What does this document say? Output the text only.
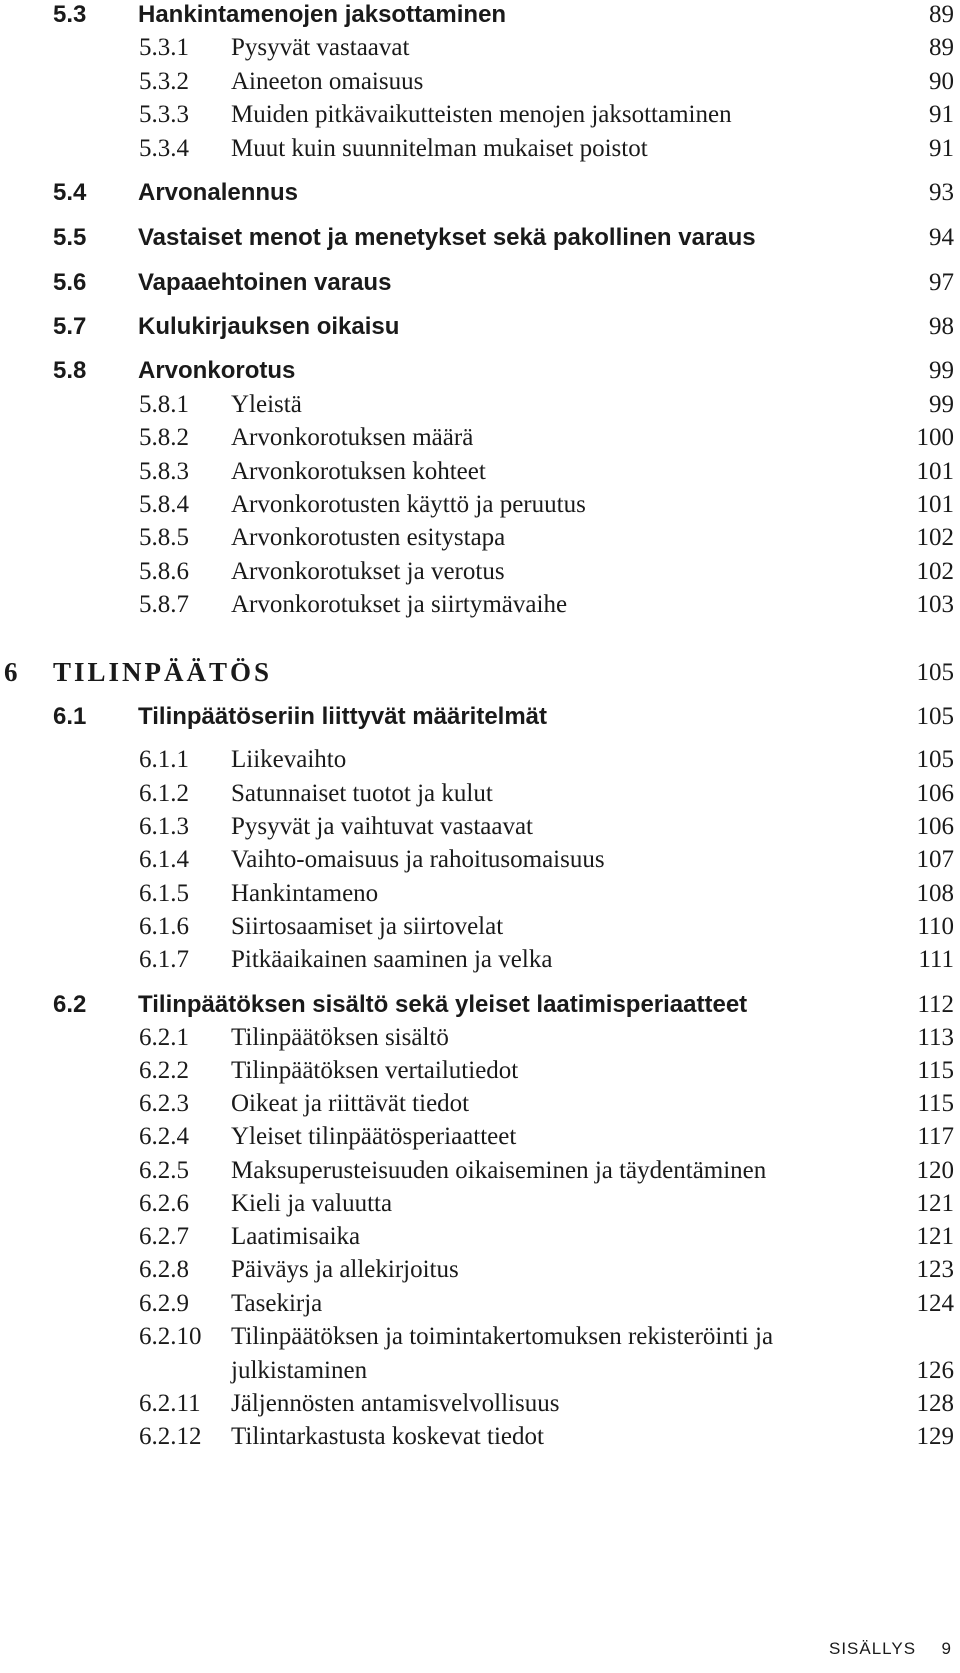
5.3 Hankintamenojen jaksottaminen	89
5.3.1 Pysyvät vastaavat	89
5.3.2 Aineeton omaisuus	90
5.3.3 Muiden pitkävaikutteisten menojen jaksottaminen	91
5.3.4 Muut kuin suunnitelman mukaiset poistot	91
5.4 Arvonalennus	93
5.5 Vastaiset menot ja menetykset sekä pakollinen varaus	94
5.6 Vapaaehtoinen varaus	97
5.7 Kulukirjauksen oikaisu	98
5.8 Arvonkorotus	99
5.8.1 Yleistä	99
5.8.2 Arvonkorotuksen määrä	100
5.8.3 Arvonkorotuksen kohteet	101
5.8.4 Arvonkorotusten käyttö ja peruutus	101
5.8.5 Arvonkorotusten esitystapa	102
5.8.6 Arvonkorotukset ja verotus	102
5.8.7 Arvonkorotukset ja siirtymävaihe	103
6 TILINPÄÄTÖS	105
6.1 Tilinpäätöseriin liittyvät määritelmät	105
6.1.1 Liikevaihto	105
6.1.2 Satunnaiset tuotot ja kulut	106
6.1.3 Pysyvät ja vaihtuvat vastaavat	106
6.1.4 Vaihto-omaisuus ja rahoitusomaisuus	107
6.1.5 Hankintameno	108
6.1.6 Siirtosaamiset ja siirtovelat	110
6.1.7 Pitkäaikainen saaminen ja velka	111
6.2 Tilinpäätöksen sisältö sekä yleiset laatimisperiaatteet	112
6.2.1 Tilinpäätöksen sisältö	113
6.2.2 Tilinpäätöksen vertailutiedot	115
6.2.3 Oikeat ja riittävät tiedot	115
6.2.4 Yleiset tilinpäätösperiaatteet	117
6.2.5 Maksuperusteisuuden oikaiseminen ja täydentäminen	120
6.2.6 Kieli ja valuutta	121
6.2.7 Laatimisaika	121
6.2.8 Päiväys ja allekirjoitus	123
6.2.9 Tasekirja	124
6.2.10 Tilinpäätöksen ja toimintakertomuksen rekisteröinti ja
julkistaminen	126
6.2.11 Jäljennösten antamisvelvollisuus	128
6.2.12 Tilintarkastusta koskevat tiedot	129
SISÄLLYS 9
